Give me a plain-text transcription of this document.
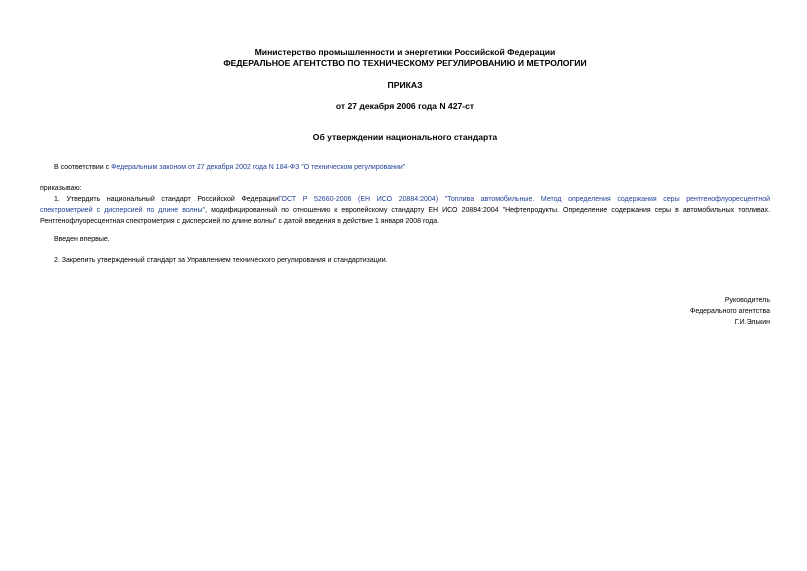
Министерство промышленности и энергетики Российской Федерации
ФЕДЕРАЛЬНОЕ АГЕНТСТВО ПО ТЕХНИЧЕСКОМУ РЕГУЛИРОВАНИЮ И МЕТРОЛОГИИ
ПРИКАЗ
от 27 декабря 2006 года N 427-ст
Об утверждении национального стандарта
В соответствии с Федеральным законом от 27 декабря 2002 года N 184-ФЗ "О техническом регулировании"
приказываю:
1. Утвердить национальный стандарт Российской ФедерацииГОСТ Р 52660-2006 (ЕН ИСО 20884:2004) "Топлива автомобильные. Метод определения содержания серы рентгенофлуоресцентной
спектрометрией с дисперсией по длине волны", модифицированный по отношению к европейскому стандарту ЕН ИСО 20884:2004 "Нефтепродукты. Определение содержания серы в автомобильных топливах.
Рентгенофлуоресцентная спектрометрия с дисперсией по длине волны" с датой введения в действие 1 января 2008 года.
Введен впервые.
2. Закрепить утвержденный стандарт за Управлением технического регулирования и стандартизации.
Руководитель
Федерального агентства
Г.И.Элькин
